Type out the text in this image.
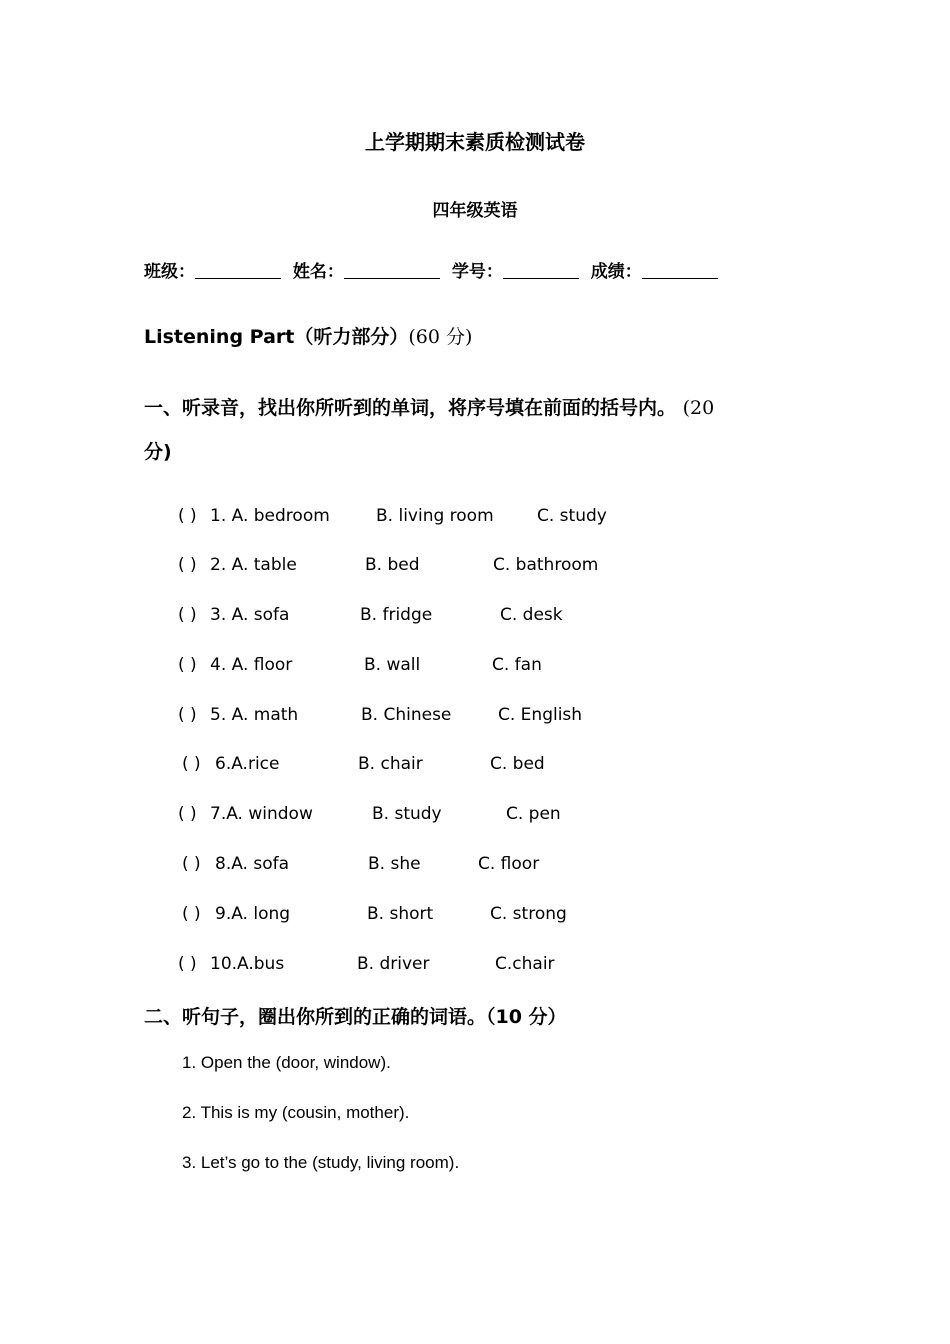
上学期期末素质检测试卷
四年级英语
班级：	姓名：	学号：	成绩：
Listening Part（听力部分）(60 分)
一、听录音，找出你所听到的单词，将序号填在前面的括号内。 (20
分)
( ) 1. A. bedroom	B. living room	C. study
( ) 2. A. table	B. bed	C. bathroom
( ) 3. A. sofa	B. fridge	C. desk
( ) 4. A. floor	B. wall	C. fan
( ) 5. A. math	B. Chinese	C. English
( ) 6.A.rice	B. chair	C. bed
( ) 7.A. window	B. study	C. pen
( ) 8.A. sofa	B. she	C. floor
( ) 9.A. long	B. short	C. strong
( ) 10.A.bus	B. driver	C.chair
二、听句子，圈出你所到的正确的词语。（10 分）
1. Open the (door, window).
2. This is my (cousin, mother).
3. Let’s go to the (study, living room).
